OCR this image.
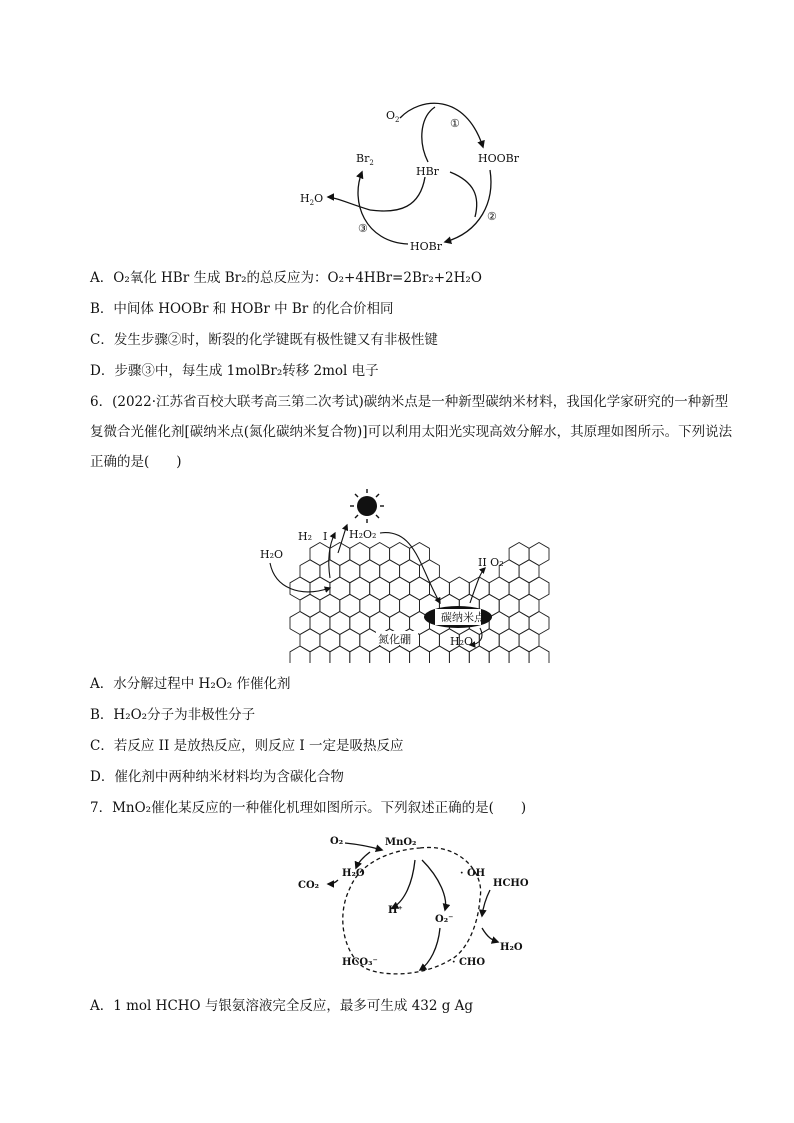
$O_2$	①
HOOBr
$Br_2$
HBr
$H_2O$
②
③
HOBr
A．O₂氧化 HBr 生成 Br₂的总反应为：O₂+4HBr=2Br₂+2H₂O
B．中间体 HOOBr 和 HOBr 中 Br 的化合价相同
C．发生步骤②时，断裂的化学键既有极性键又有非极性键
D．步骤③中，每生成 1molBr₂转移 2mol 电子
6．(2022·江苏省百校大联考高三第二次考试)碳纳米点是一种新型碳纳米材料，我国化学家研究的一种新型复微合光催化剂[碳纳米点(氮化碳纳米复合物)]可以利用太阳光实现高效分解水，其原理如图所示。下列说法正确的是(　　)
碳纳米点
H₂O
H₂ I H₂O₂
II O₂
H₂O
氮化硼
A．水分解过程中 H₂O₂ 作催化剂
B．H₂O₂分子为非极性分子
C．若反应 II 是放热反应，则反应 I 一定是吸热反应
D．催化剂中两种纳米材料均为含碳化合物
7．MnO₂催化某反应的一种催化机理如图所示。下列叙述正确的是(　　)
O₂	MnO₂
CO₂
H₂O
H⁺
· OH
HCHO
O₂⁻
H₂O
HCO₃⁻	· CHO
A．1 mol HCHO 与银氨溶液完全反应，最多可生成 432 g Ag
